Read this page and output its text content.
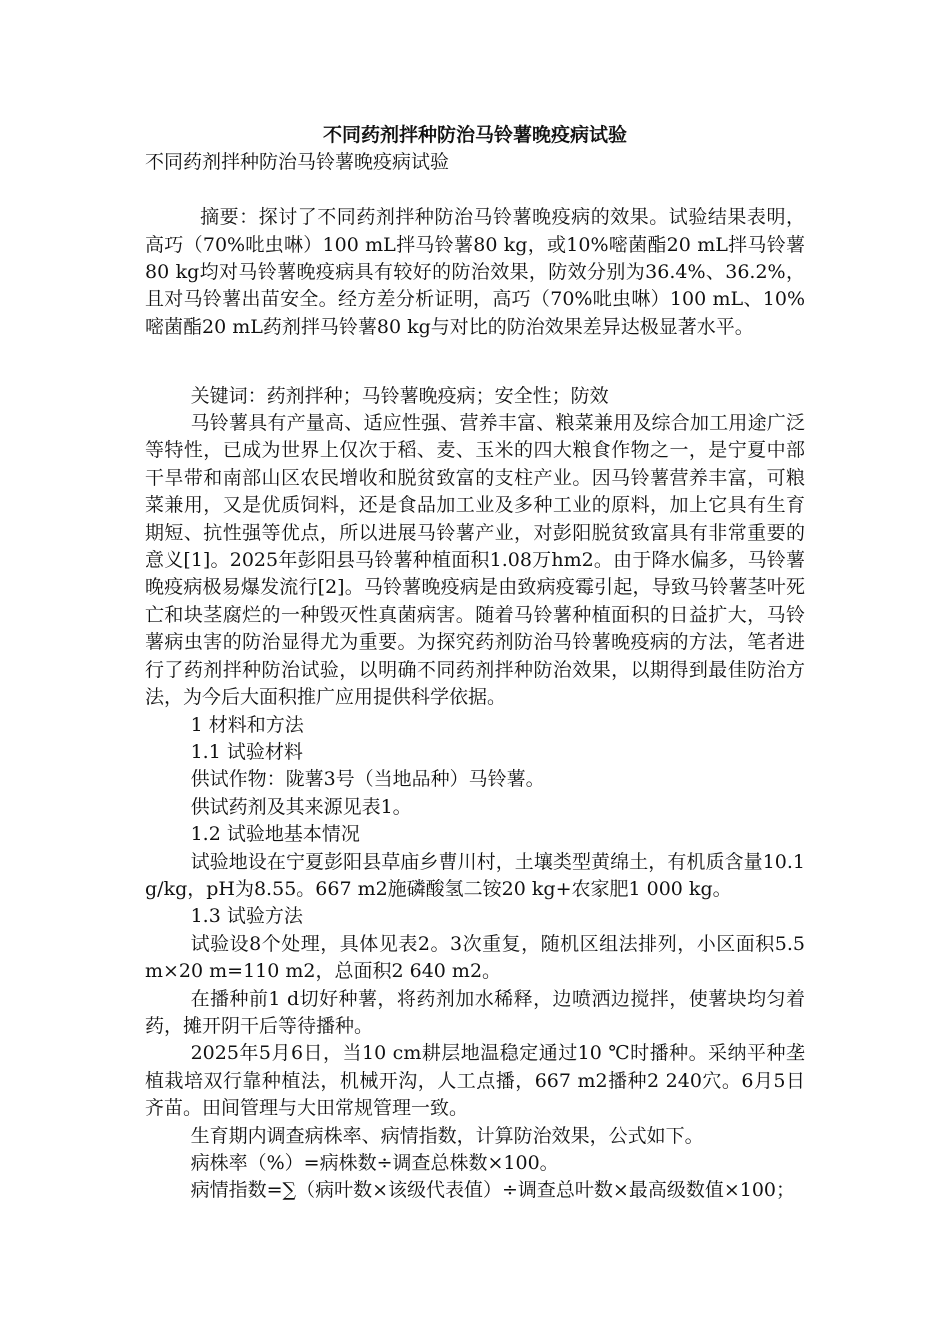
不同药剂拌种防治马铃薯晚疫病试验

不同药剂拌种防治马铃薯晚疫病试验

摘要：探讨了不同药剂拌种防治马铃薯晚疫病的效果。试验结果表明，高巧（70%吡虫啉）100 mL拌马铃薯80 kg，或10%嘧菌酯20 mL拌马铃薯80 kg均对马铃薯晚疫病具有较好的防治效果，防效分别为36.4%、36.2%，且对马铃薯出苗安全。经方差分析证明，高巧（70%吡虫啉）100 mL、10%嘧菌酯20 mL药剂拌马铃薯80 kg与对比的防治效果差异达极显著水平。

关键词：药剂拌种；马铃薯晚疫病；安全性；防效

马铃薯具有产量高、适应性强、营养丰富、粮菜兼用及综合加工用途广泛等特性，已成为世界上仅次于稻、麦、玉米的四大粮食作物之一，是宁夏中部干旱带和南部山区农民增收和脱贫致富的支柱产业。因马铃薯营养丰富，可粮菜兼用，又是优质饲料，还是食品加工业及多种工业的原料，加上它具有生育期短、抗性强等优点，所以进展马铃薯产业，对彭阳脱贫致富具有非常重要的意义[1]。2025年彭阳县马铃薯种植面积1.08万hm2。由于降水偏多，马铃薯晚疫病极易爆发流行[2]。马铃薯晚疫病是由致病疫霉引起，导致马铃薯茎叶死亡和块茎腐烂的一种毁灭性真菌病害。随着马铃薯种植面积的日益扩大，马铃薯病虫害的防治显得尤为重要。为探究药剂防治马铃薯晚疫病的方法，笔者进行了药剂拌种防治试验，以明确不同药剂拌种防治效果，以期得到最佳防治方法，为今后大面积推广应用提供科学依据。

1 材料和方法

1.1 试验材料

供试作物：陇薯3号（当地品种）马铃薯。

供试药剂及其来源见表1。

1.2 试验地基本情况

试验地设在宁夏彭阳县草庙乡曹川村，土壤类型黄绵土，有机质含量10.1 g/kg，pH为8.55。667 m2施磷酸氢二铵20 kg+农家肥1 000 kg。

1.3 试验方法

试验设8个处理，具体见表2。3次重复，随机区组法排列，小区面积5.5 m×20 m=110 m2，总面积2 640 m2。

在播种前1 d切好种薯，将药剂加水稀释，边喷洒边搅拌，使薯块均匀着药，摊开阴干后等待播种。

2025年5月6日，当10 cm耕层地温稳定通过10 ℃时播种。采纳平种垄植栽培双行靠种植法，机械开沟，人工点播，667 m2播种2 240穴。6月5日齐苗。田间管理与大田常规管理一致。

生育期内调查病株率、病情指数，计算防治效果，公式如下。

病株率（%）=病株数÷调查总株数×100。

病情指数=∑（病叶数×该级代表值）÷调查总叶数×最高级数值×100；
